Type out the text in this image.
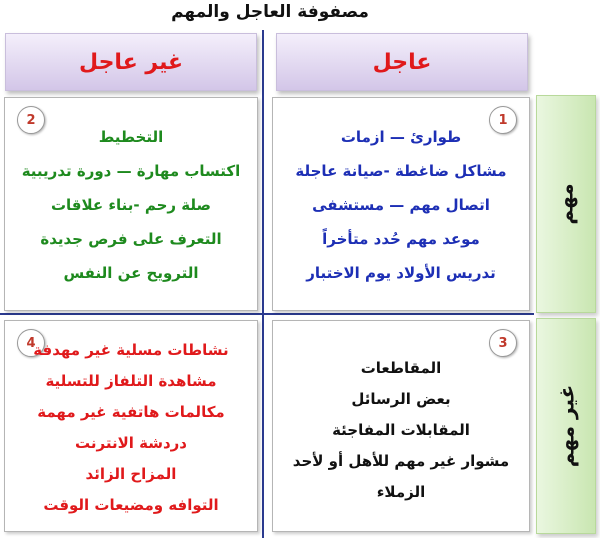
مصفوفة العاجل والمهم
عاجل
غير عاجل
مهم
غير مهم
1
طوارئ — ازمات
مشاكل ضاغطة -صيانة عاجلة
اتصال مهم — مستشفى
موعد مهم حُدد متأخراً
تدريس الأولاد يوم الاختبار
2
التخطيط
اكتساب مهارة — دورة تدريبية
صلة رحم -بناء علاقات
التعرف على فرص جديدة
الترويح عن النفس
3
المقاطعات
بعض الرسائل
المقابلات المفاجئة
مشوار غير مهم للأهل أو لأحد الزملاء
4
نشاطات مسلية غير مهدفة
مشاهدة التلفاز للتسلية
مكالمات هاتفية غير مهمة
دردشة الانترنت
المزاح الزائد
التوافه ومضيعات الوقت
